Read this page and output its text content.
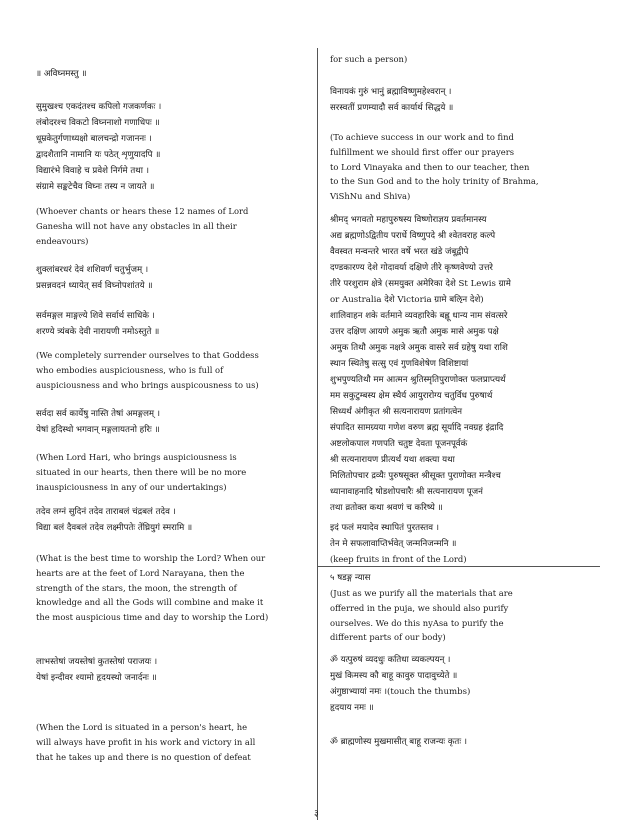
॥ अविघ्नमस्तु ॥
सुमुखश्च एकदंतश्च कपिलो गजकर्णकः ।
लंबोदरश्च विकटो विघ्ननाशो गणाधिपः ॥
धूम्रकेतुर्गणाध्यक्षो बालचन्द्रो गजाननः ।
द्वादशैतानि नामानि यः पठेत् शृणुयादपि ॥
विद्यारंभे विवाहे च प्रवेशे निर्गमे तथा ।
संग्रामे सङ्कटेचैव विघ्नः तस्य न जायते ॥
(Whoever chants or hears these 12 names of Lord
Ganesha will not have any obstacles in all their
endeavours)
शुक्लांबरधरं देवं शशिवर्णं चतुर्भुजम् ।
प्रसन्नवदनं ध्यायेत् सर्व विघ्नोपशांतये ॥
सर्वमङ्गल माङ्गल्ये शिवे सर्वार्थ साधिके ।
शरण्ये त्र्यंबके देवी नारायणी नमोऽस्तुते ॥
(We completely surrender ourselves to that Goddess
who embodies auspiciousness, who is full of
auspiciousness and who brings auspicousness to us)
सर्वदा सर्व कार्येषु नास्ति तेषां अमङ्गलम् ।
येषां हृदिस्थो भगवान् मङ्गलायतनो हरिः ॥
(When Lord Hari, who brings auspiciousness is
situated in our hearts, then there will be no more
inauspiciousness in any of our undertakings)
तदेव लग्नं सुदिनं तदेव ताराबलं चंद्रबलं तदेव ।
विद्या बलं दैवबलं तदेव लक्ष्मीपतेः तेंघ्रियुगं स्मरामि ॥
(What is the best time to worship the Lord? When our
hearts are at the feet of Lord Narayana, then the
strength of the stars, the moon, the strength of
knowledge and all the Gods will combine and make it
the most auspicious time and day to worship the Lord)
लाभस्तेषां जयस्तेषां कुतस्तेषां पराजयः ।
येषां इन्दीवर श्यामो हृदयस्थो जनार्दनः ॥
(When the Lord is situated in a person's heart, he
will always have profit in his work and victory in all
that he takes up and there is no question of defeat
for such a person)
विनायकं गुरुं भानुं ब्रह्माविष्णुमहेश्वरान् ।
सरस्वतीं प्रणम्यादौ सर्व कार्यार्थ सिद्धये ॥
(To achieve success in our work and to find
fulfillment we should first offer our prayers
to Lord Vinayaka and then to our teacher, then
to the Sun God and to the holy trinity of Brahma,
ViShNu and Shiva)
श्रीमद् भगवतो महापुरुषस्य विष्णोराज्ञय प्रवर्तमानस्य
अद्य ब्रह्मणोऽद्वितीय परार्धे विष्णुपदे श्री श्वेतवराह कल्पे
वैवस्वत मन्वन्तरे भारत वर्षे भरत खंडे जंबूद्वीपे
दण्डकारण्य देशे गोदावर्या दक्षिणे तीरे कृष्णवेण्यो उत्तरे
तीरे परशुराम क्षेत्रे (समयुक्त अमेरिका देशे St Lewis ग्रामे
or Australia देशे Victoria ग्रामे बऌिन देशे)
शालिवाहन शके वर्तमाने व्यवहारिके बह्लू धान्य नाम संवत्सरे
उत्तर दक्षिण आयणे अमुक ऋतौ अमुक मासे अमुक पक्षे
अमुक तिथौ अमुक नक्षत्रे अमुक वासरे सर्व ग्रहेषु यथा राशि
स्थान स्थितेषु सत्सु एवं गुणविशेषेण विशिष्टायां
शुभपुण्यतिथौ मम आत्मन श्रुतिस्मृतिपुराणोक्त फलप्राप्त्यर्थं
मम सकुटुम्बस्य क्षेम स्थैर्य आयुरारोग्य चतुर्विध पुरुषार्थ
सिध्यर्थं अंगीकृत श्री सत्यनारायण प्रतांगत्वेन
संपादित सामग्र्यया गणेश वरुण ब्रह्म सूर्यादि नवग्रह इंद्रादि
अष्टलोकपाल गणपति चतुष्ट देवता पूजनपूर्वकं
श्री सत्यनारायण प्रीत्यर्थं यथा शक्त्या यथा
मिलितोपचार द्रव्यैः पुरुषसूक्त श्रीसूक्त पुराणोक्त मन्त्रैश्च
ध्यानावाहनादि षोडशोपचारैः श्री सत्यनारायण पूजनं
तथा व्रतोक्त कथा श्रवणं च करिष्ये ॥
इदं फलं मयादेव स्थापितं पुरतस्तव ।
तेन मे सफलावाप्तिर्भवेत् जन्मनिजन्मनि ॥
(keep fruits in front of the Lord)
५ षडङ्ग न्यास
(Just as we purify all the materials that are
offerred in the puja, we should also purify
ourselves. We do this nyAsa to purify the
different parts of our body)
ॐ यत्पुरुषं व्यदधुः कतिधा व्यकल्पयन् ।
मुखं किमस्य कौ बाहू कावुरु पादावुच्येते ॥
अंगुष्ठाभ्यायां नमः ।(touch the thumbs)
हृदयाय नमः ॥
ॐ ब्राह्मणोस्य मुखमासीत् बाहू राजन्यः कृतः ।
३
